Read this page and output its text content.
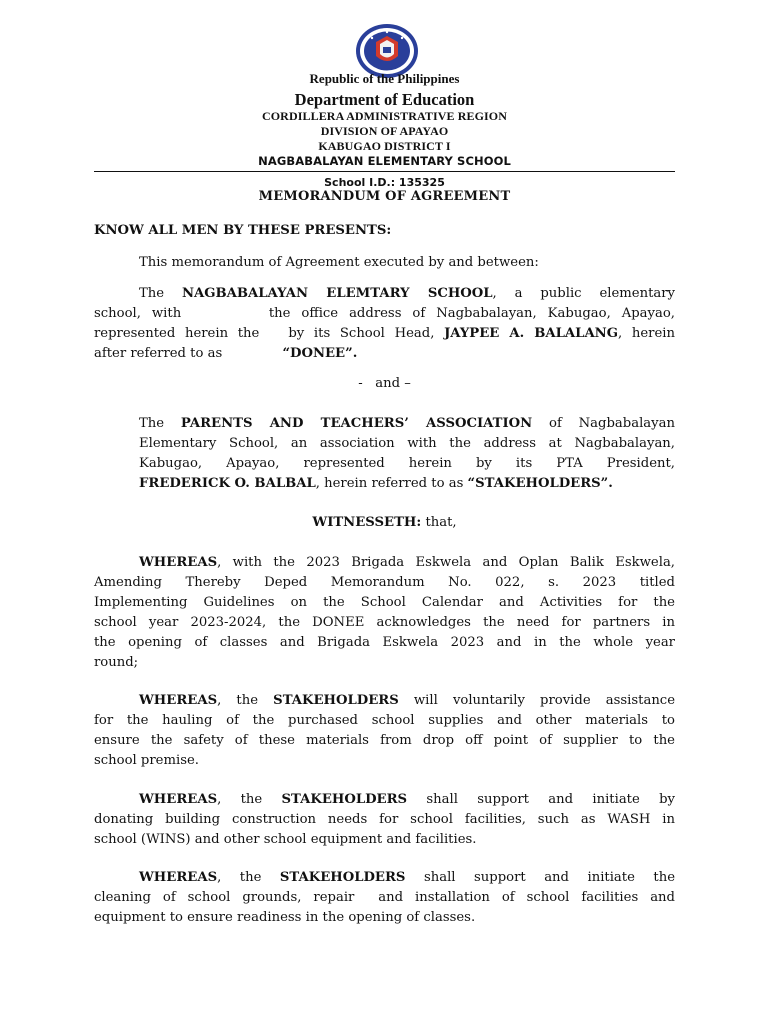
Republic of the Philippines
Department of Education
CORDILLERA ADMINISTRATIVE REGION
DIVISION OF APAYAO
KABUGAO DISTRICT I
NAGBABALAYAN ELEMENTARY SCHOOL
School I.D.: 135325
MEMORANDUM OF AGREEMENT
KNOW ALL MEN BY THESE PRESENTS:
This memorandum of Agreement executed by and between:
The NAGBABALAYAN ELEMTARY SCHOOL, a public elementary
school, with        the office address of Nagbabalayan, Kabugao, Apayao,
represented herein the   by its School Head, JAYPEE A. BALALANG, herein
after referred to as	“DONEE”.
-   and –
The PARENTS AND TEACHERS’ ASSOCIATION of Nagbabalayan
Elementary School, an association with the address at Nagbabalayan,
Kabugao, Apayao, represented herein by its PTA President,
FREDERICK O. BALBAL, herein referred to as “STAKEHOLDERS”.
WITNESSETH: that,
WHEREAS, with the 2023 Brigada Eskwela and Oplan Balik Eskwela,
Amending Thereby Deped Memorandum No. 022, s. 2023 titled
Implementing Guidelines on the School Calendar and Activities for the
school year 2023-2024, the DONEE acknowledges the need for partners in
the opening of classes and Brigada Eskwela 2023 and in the whole year
round;
WHEREAS, the STAKEHOLDERS will voluntarily provide assistance
for the hauling of the purchased school supplies and other materials to
ensure the safety of these materials from drop off point of supplier to the
school premise.
WHEREAS, the STAKEHOLDERS shall support and initiate by
donating building construction needs for school facilities, such as WASH in
school (WINS) and other school equipment and facilities.
WHEREAS, the STAKEHOLDERS shall support and initiate the
cleaning of school grounds, repair  and installation of school facilities and
equipment to ensure readiness in the opening of classes.
